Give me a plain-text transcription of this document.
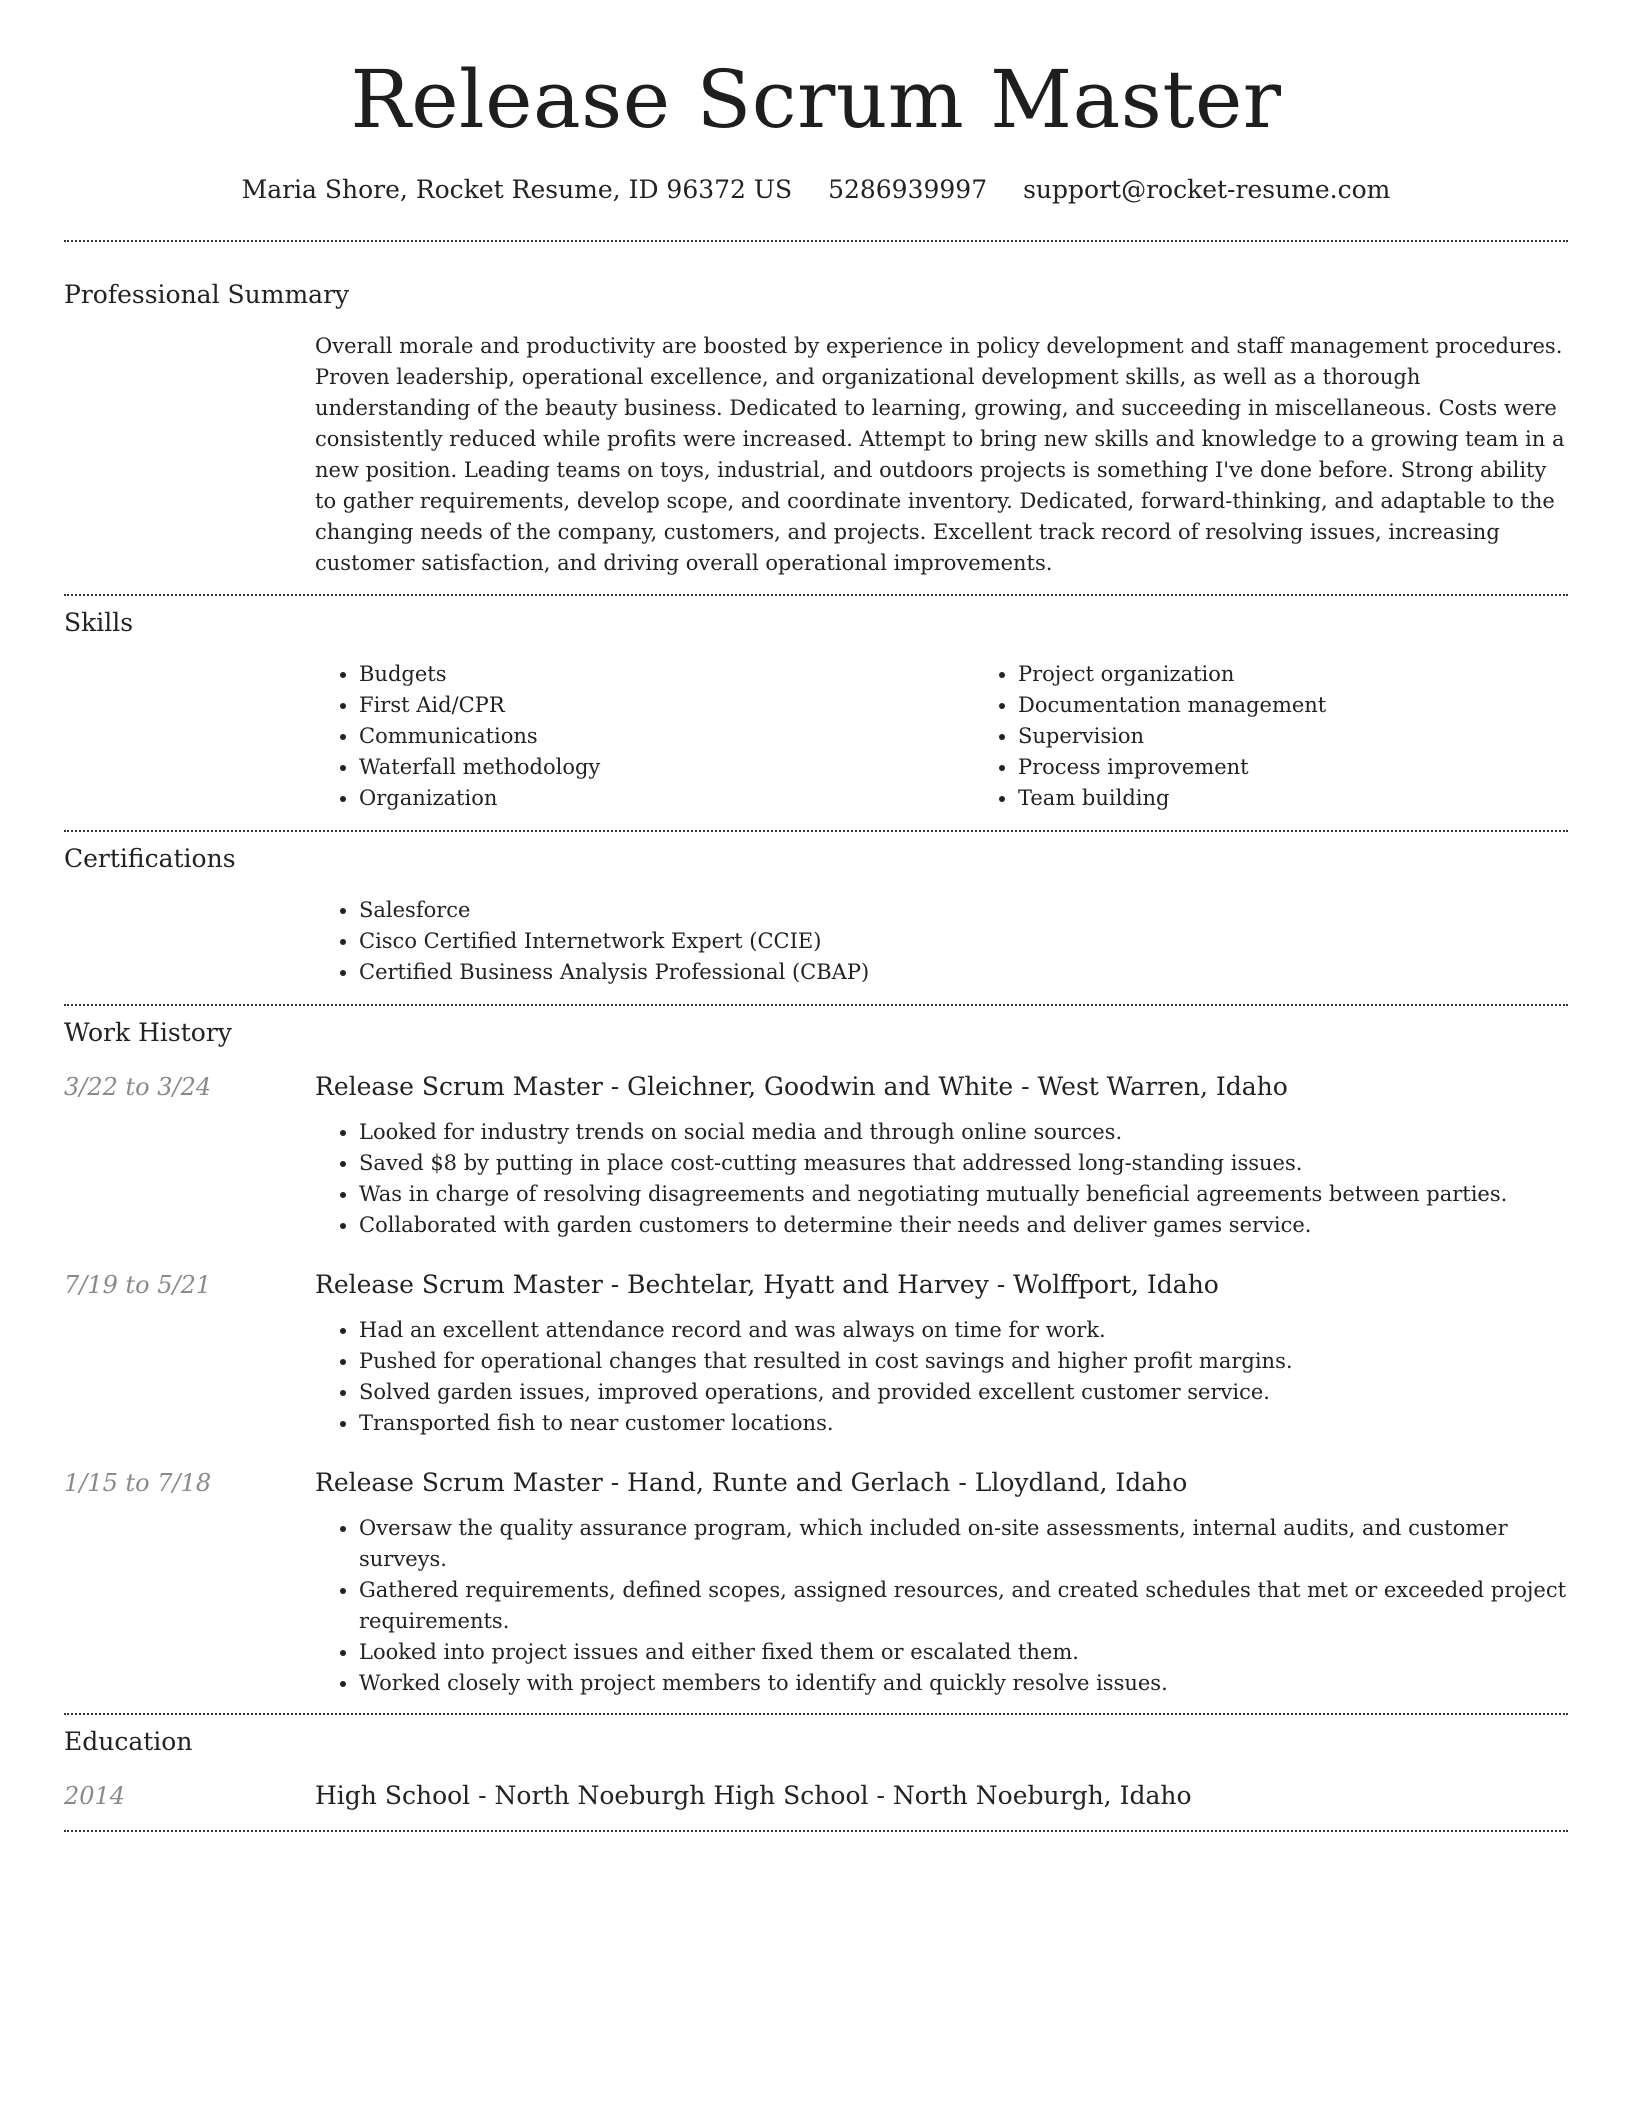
Release Scrum Master
Maria Shore, Rocket Resume, ID 96372 US 5286939997 support@rocket-resume.com
Professional Summary

Overall morale and productivity are boosted by experience in policy development and staff management procedures. Proven leadership, operational excellence, and organizational development skills, as well as a thorough understanding of the beauty business. Dedicated to learning, growing, and succeeding in miscellaneous. Costs were consistently reduced while profits were increased. Attempt to bring new skills and knowledge to a growing team in a new position. Leading teams on toys, industrial, and outdoors projects is something I've done before. Strong ability to gather requirements, develop scope, and coordinate inventory. Dedicated, forward-thinking, and adaptable to the changing needs of the company, customers, and projects. Excellent track record of resolving issues, increasing customer satisfaction, and driving overall operational improvements.

Skills
• Budgets
• First Aid/CPR
• Communications
• Waterfall methodology
• Organization
• Project organization
• Documentation management
• Supervision
• Process improvement
• Team building
Certifications
• Salesforce
• Cisco Certified Internetwork Expert (CCIE)
• Certified Business Analysis Professional (CBAP)
Work History
3/22 to 3/24	Release Scrum Master - Gleichner, Goodwin and White - West Warren, Idaho
• Looked for industry trends on social media and through online sources.
• Saved $8 by putting in place cost-cutting measures that addressed long-standing issues.
• Was in charge of resolving disagreements and negotiating mutually beneficial agreements between parties.
• Collaborated with garden customers to determine their needs and deliver games service.
7/19 to 5/21	Release Scrum Master - Bechtelar, Hyatt and Harvey - Wolffport, Idaho
• Had an excellent attendance record and was always on time for work.
• Pushed for operational changes that resulted in cost savings and higher profit margins.
• Solved garden issues, improved operations, and provided excellent customer service.
• Transported fish to near customer locations.
1/15 to 7/18	Release Scrum Master - Hand, Runte and Gerlach - Lloydland, Idaho
• Oversaw the quality assurance program, which included on-site assessments, internal audits, and customer surveys.
• Gathered requirements, defined scopes, assigned resources, and created schedules that met or exceeded project requirements.
• Looked into project issues and either fixed them or escalated them.
• Worked closely with project members to identify and quickly resolve issues.
Education
2014	High School - North Noeburgh High School - North Noeburgh, Idaho
